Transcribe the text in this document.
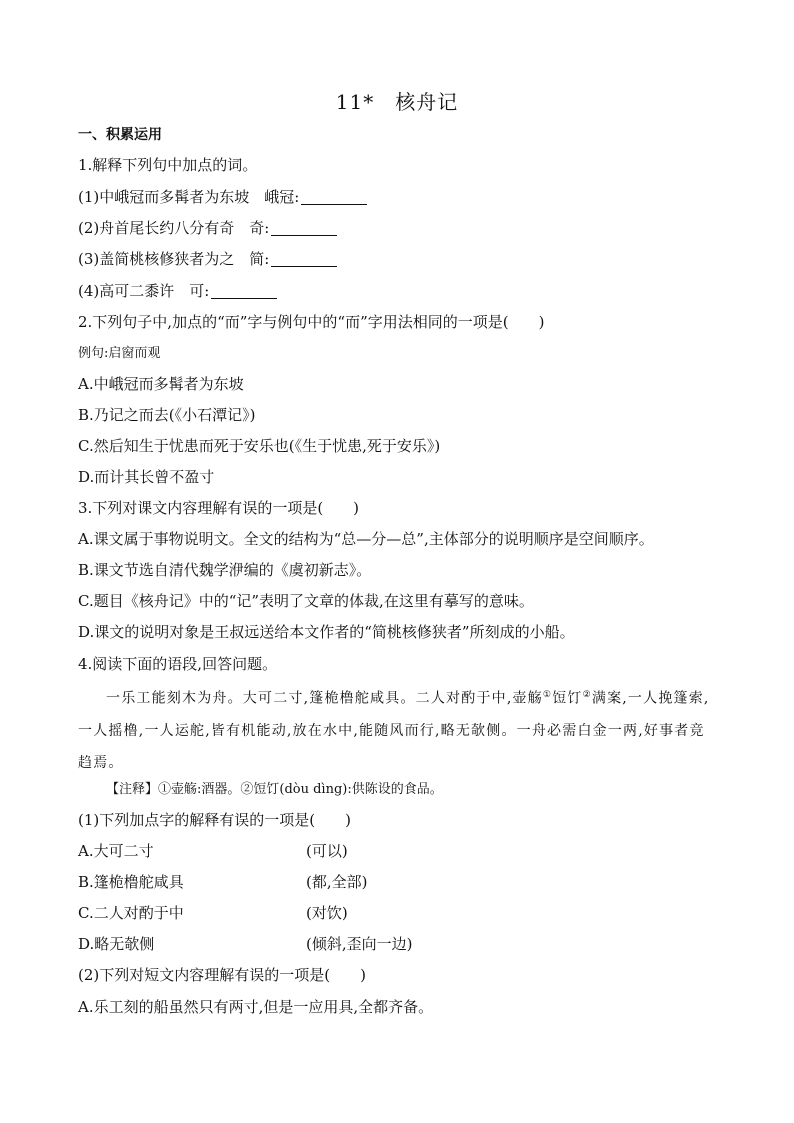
11*　核舟记
一、积累运用
1.解释下列句中加点的词。
(1)中峨冠而多髯者为东坡　峨冠:
(2)舟首尾长约八分有奇　奇:
(3)盖简桃核修狭者为之　简:
(4)高可二黍许　可:
2.下列句子中,加点的“而”字与例句中的“而”字用法相同的一项是(　　)
例句:启窗而观
A.中峨冠而多髯者为东坡
B.乃记之而去(《小石潭记》)
C.然后知生于忧患而死于安乐也(《生于忧患,死于安乐》)
D.而计其长曾不盈寸
3.下列对课文内容理解有误的一项是(　　)
A.课文属于事物说明文。全文的结构为“总—分—总”,主体部分的说明顺序是空间顺序。
B.课文节选自清代魏学洢编的《虞初新志》。
C.题目《核舟记》中的“记”表明了文章的体裁,在这里有摹写的意味。
D.课文的说明对象是王叔远送给本文作者的“简桃核修狭者”所刻成的小船。
4.阅读下面的语段,回答问题。
一乐工能刻木为舟。大可二寸,篷桅橹舵咸具。二人对酌于中,壶觞①饾饤②满案,一人挽篷索,一人摇橹,一人运舵,皆有机能动,放在水中,能随风而行,略无欹侧。一舟必需白金一两,好事者竞趋焉。
【注释】①壶觞:酒器。②饾饤(dòu dìng):供陈设的食品。
(1)下列加点字的解释有误的一项是(　　)
A.大可二寸	(可以)
B.篷桅橹舵咸具	(都,全部)
C.二人对酌于中	(对饮)
D.略无欹侧	(倾斜,歪向一边)
(2)下列对短文内容理解有误的一项是(　　)
A.乐工刻的船虽然只有两寸,但是一应用具,全都齐备。
